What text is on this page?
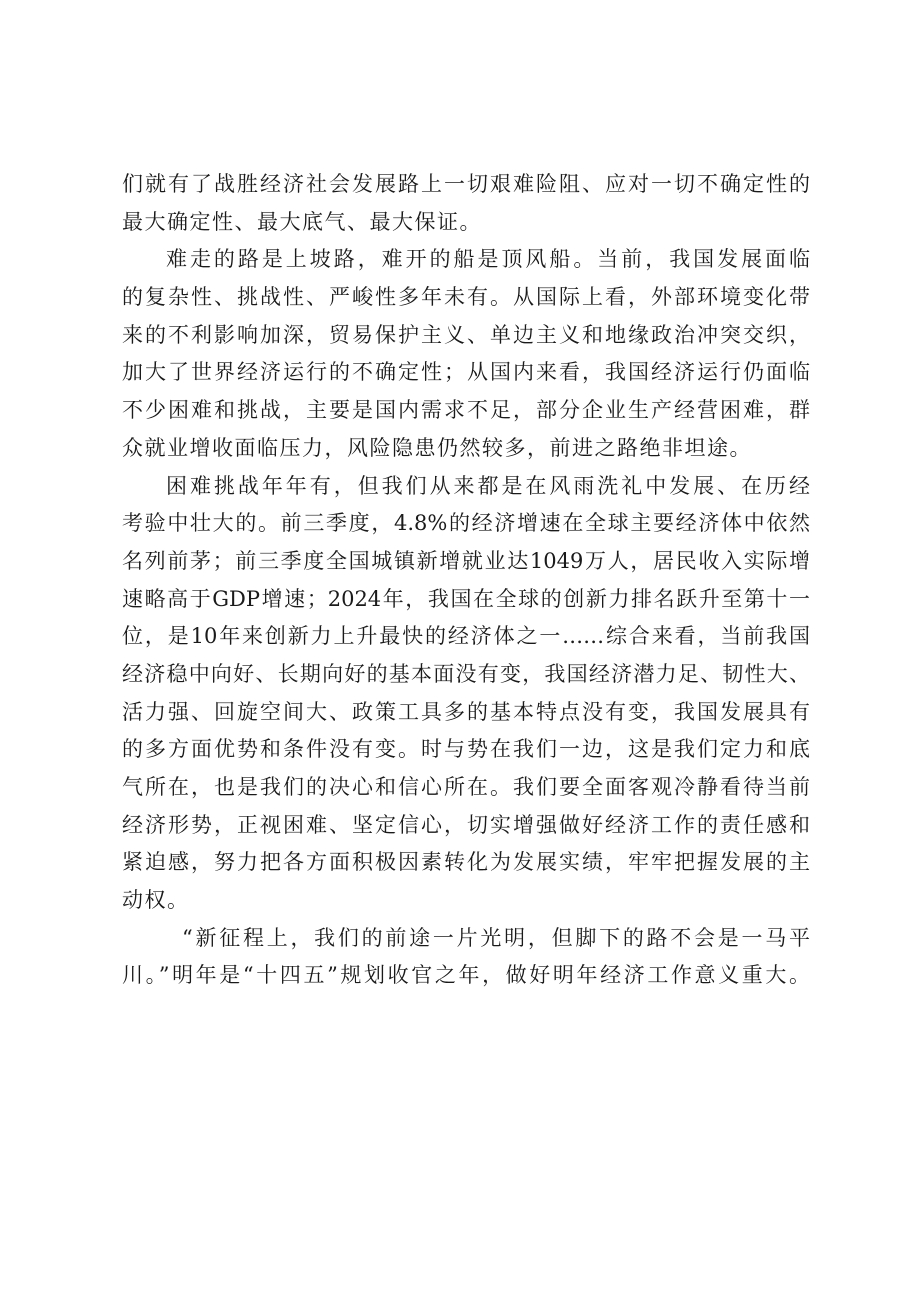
们就有了战胜经济社会发展路上一切艰难险阻、应对一切不确定性的
最大确定性、最大底气、最大保证。
难走的路是上坡路，难开的船是顶风船。当前，我国发展面临
的复杂性、挑战性、严峻性多年未有。从国际上看，外部环境变化带
来的不利影响加深，贸易保护主义、单边主义和地缘政治冲突交织，
加大了世界经济运行的不确定性；从国内来看，我国经济运行仍面临
不少困难和挑战，主要是国内需求不足，部分企业生产经营困难，群
众就业增收面临压力，风险隐患仍然较多，前进之路绝非坦途。
困难挑战年年有，但我们从来都是在风雨洗礼中发展、在历经
考验中壮大的。前三季度，4.8%的经济增速在全球主要经济体中依然
名列前茅；前三季度全国城镇新增就业达1049万人，居民收入实际增
速略高于GDP增速；2024年，我国在全球的创新力排名跃升至第十一
位，是10年来创新力上升最快的经济体之一……综合来看，当前我国
经济稳中向好、长期向好的基本面没有变，我国经济潜力足、韧性大、
活力强、回旋空间大、政策工具多的基本特点没有变，我国发展具有
的多方面优势和条件没有变。时与势在我们一边，这是我们定力和底
气所在，也是我们的决心和信心所在。我们要全面客观冷静看待当前
经济形势，正视困难、坚定信心，切实增强做好经济工作的责任感和
紧迫感，努力把各方面积极因素转化为发展实绩，牢牢把握发展的主
动权。
“新征程上，我们的前途一片光明，但脚下的路不会是一马平
川。”明年是“十四五”规划收官之年，做好明年经济工作意义重大。
